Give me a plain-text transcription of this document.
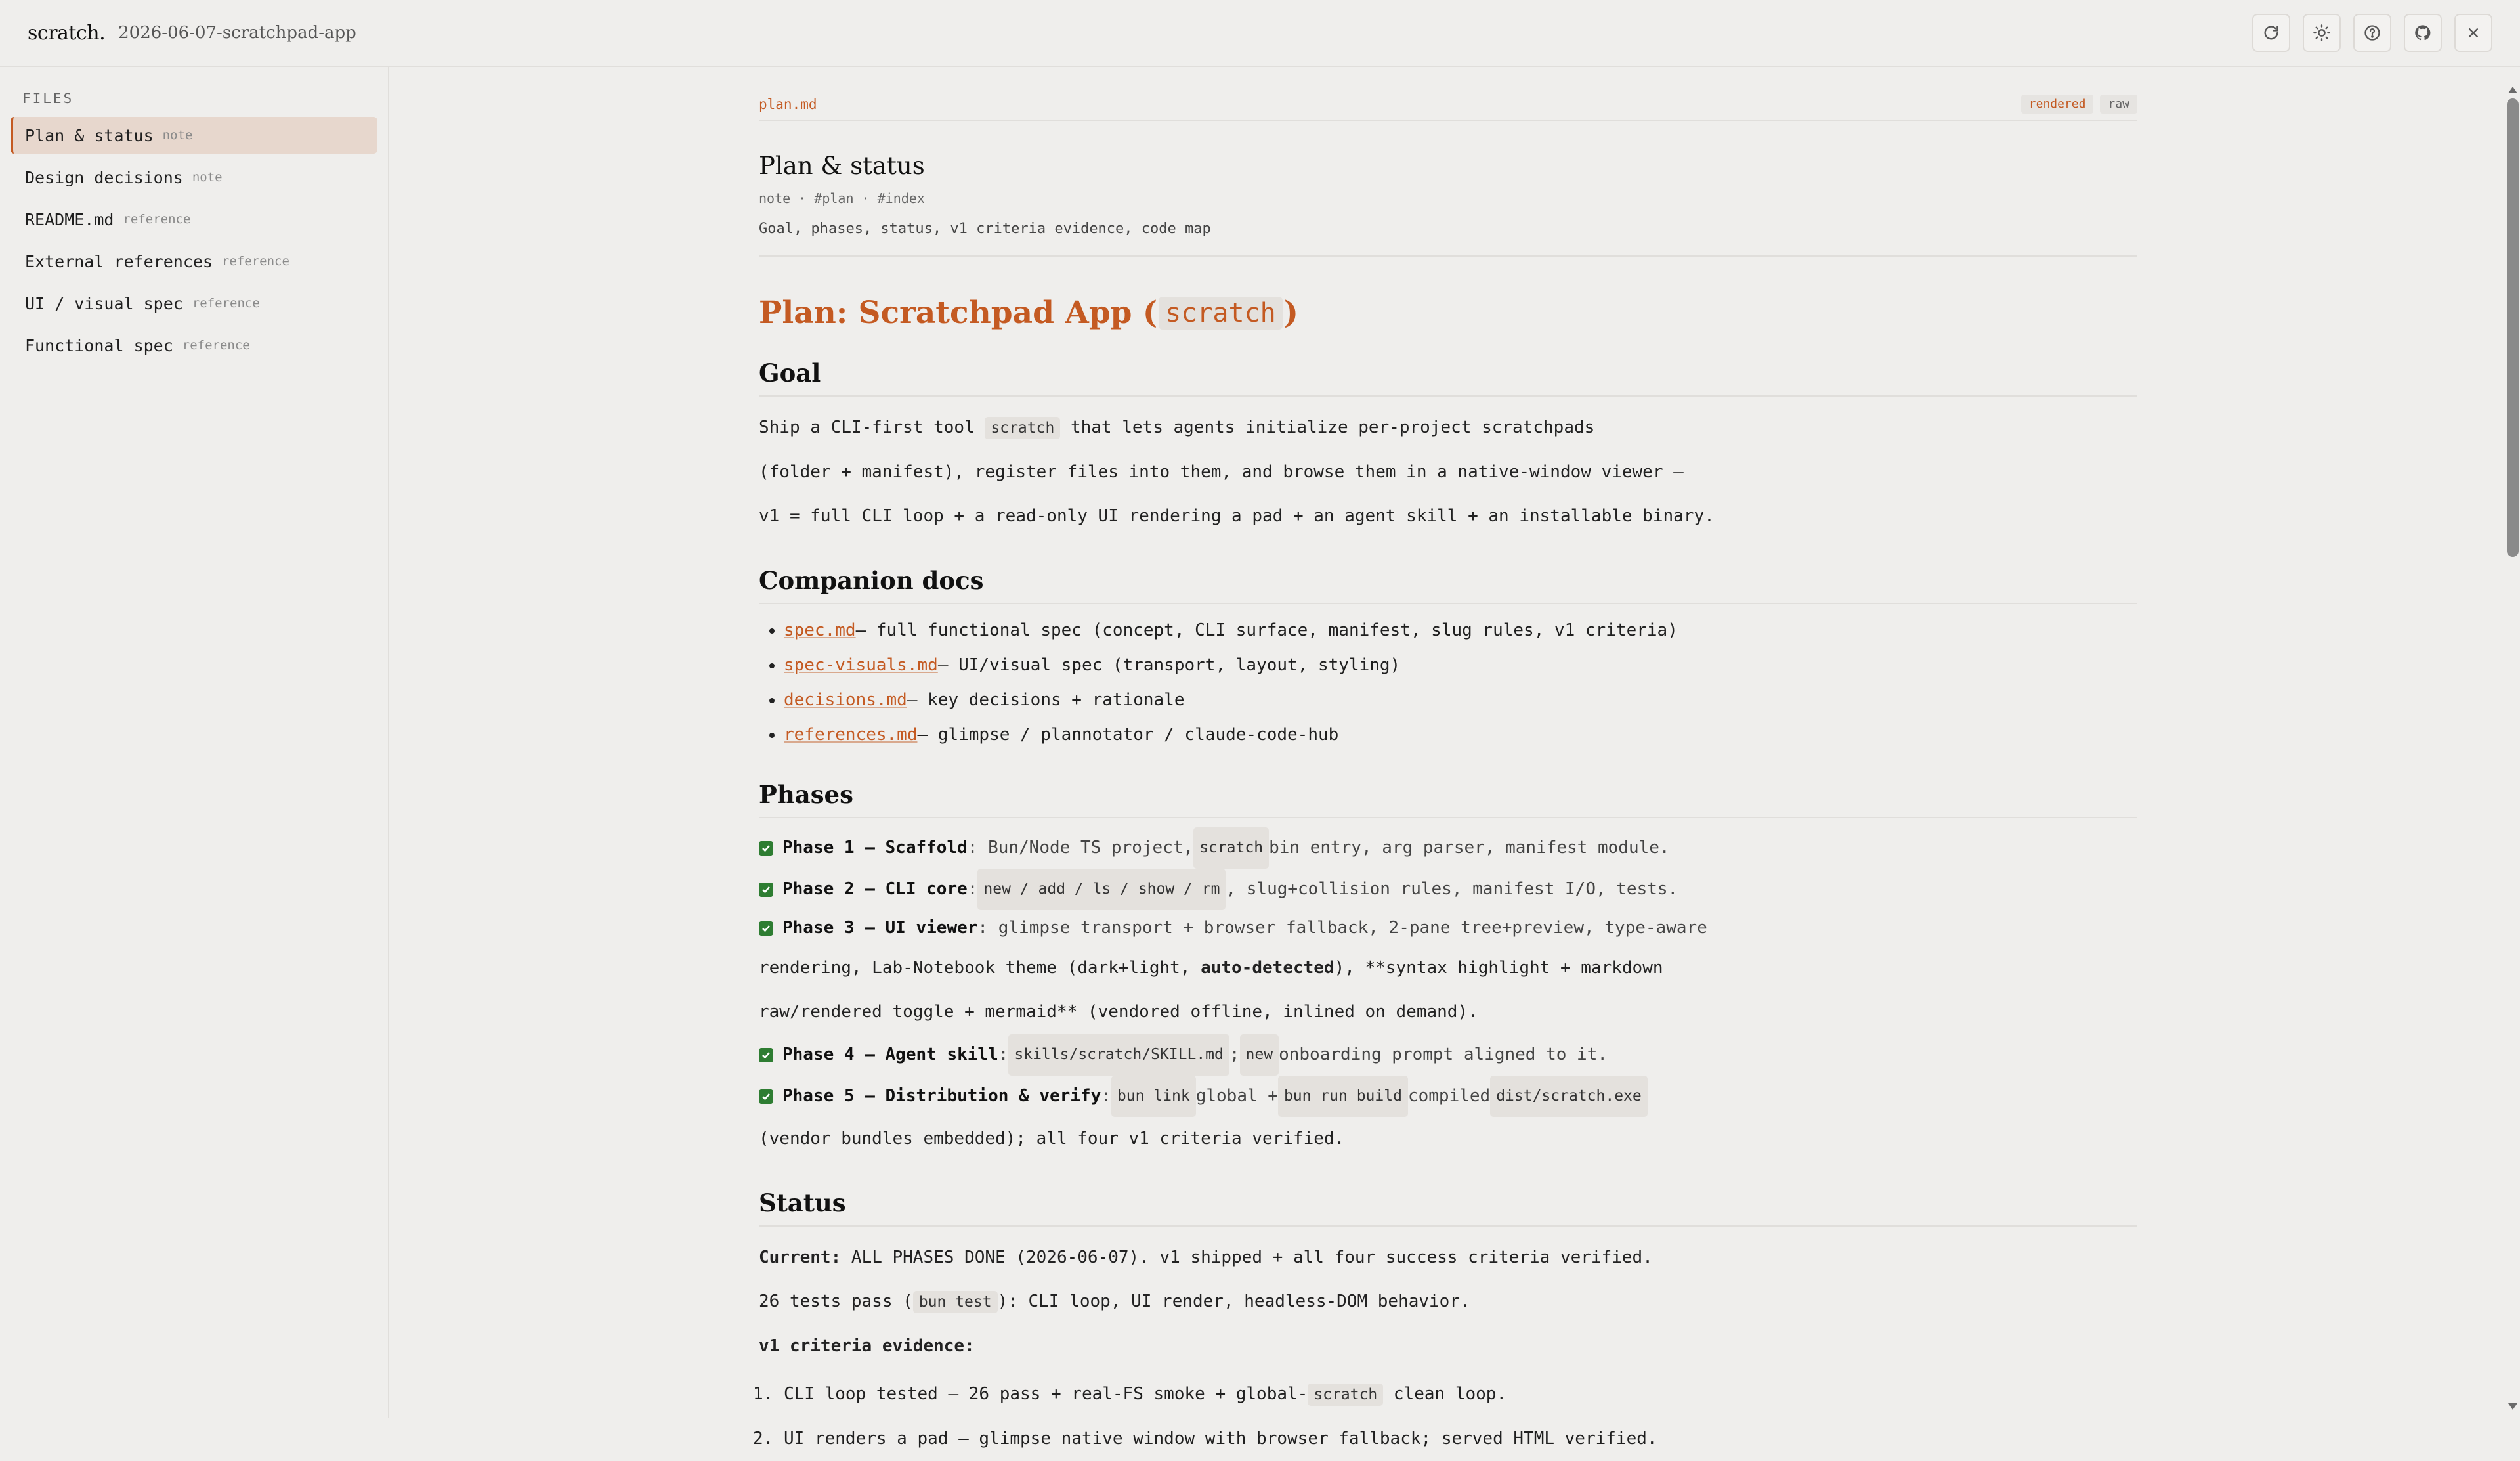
scratch. 2026-06-07-scratchpad-app
FILES
Plan & status note
Design decisions note
README.md reference
External references reference
UI / visual spec reference
Functional spec reference
plan.md	rendered	raw
Plan & status
note · #plan · #index
Goal, phases, status, v1 criteria evidence, code map
Plan: Scratchpad App ( scratch )
Goal

Ship a CLI-first tool scratch that lets agents initialize per-project scratchpads

(folder + manifest), register files into them, and browse them in a native-window viewer —

v1 = full CLI loop + a read-only UI rendering a pad + an agent skill + an installable binary.

Companion docs
spec.md — full functional spec (concept, CLI surface, manifest, slug rules, v1 criteria)
spec-visuals.md — UI/visual spec (transport, layout, styling)
decisions.md — key decisions + rationale
references.md — glimpse / plannotator / claude-code-hub
Phases
Phase 1 — Scaffold : Bun/Node TS project, scratch bin entry, arg parser, manifest module.
Phase 2 — CLI core : new / add / ls / show / rm , slug+collision rules, manifest I/O, tests.
Phase 3 — UI viewer : glimpse transport + browser fallback, 2-pane tree+preview, type-aware
rendering, Lab-Notebook theme (dark+light, auto-detected), **syntax highlight + markdown
raw/rendered toggle + mermaid** (vendored offline, inlined on demand).
Phase 4 — Agent skill : skills/scratch/SKILL.md ; new onboarding prompt aligned to it.
Phase 5 — Distribution & verify : bun link global + bun run build compiled dist/scratch.exe
(vendor bundles embedded); all four v1 criteria verified.
Status

Current: ALL PHASES DONE (2026-06-07). v1 shipped + all four success criteria verified.

26 tests pass ( bun test ): CLI loop, UI render, headless-DOM behavior.

v1 criteria evidence:

1. CLI loop tested — 26 pass + real-FS smoke + global- scratch clean loop.
2. UI renders a pad — glimpse native window with browser fallback; served HTML verified.
